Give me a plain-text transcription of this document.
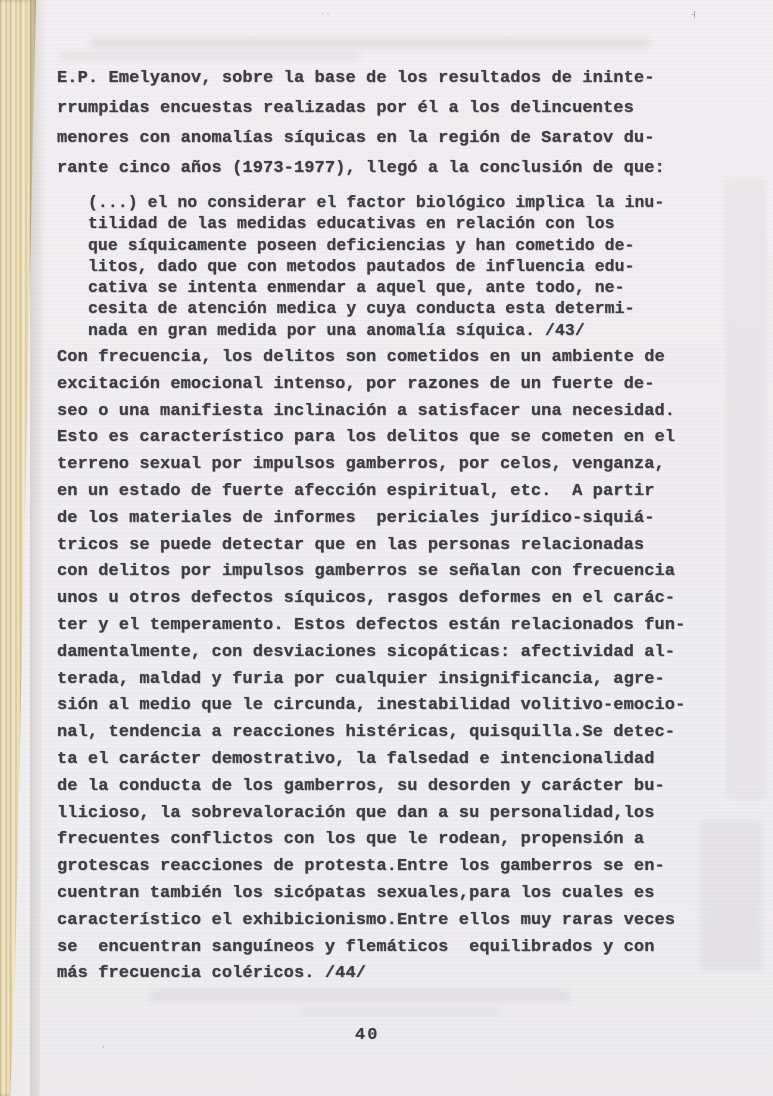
˧
··
·
E.P. Emelyanov, sobre la base de los resultados de ininte-
rrumpidas encuestas realizadas por él a los delincuentes
menores con anomalías síquicas en la región de Saratov du-
rante cinco años (1973-1977), llegó a la conclusión de que:
(...) el no considerar el factor biológico implica la inu-
tilidad de las medidas educativas en relación con los
que síquicamente poseen deficiencias y han cometido de-
litos, dado que con metodos pautados de influencia edu-
cativa se intenta enmendar a aquel que, ante todo, ne-
cesita de atención medica y cuya conducta esta determi-
nada en gran medida por una anomalía síquica. /43/
Con frecuencia, los delitos son cometidos en un ambiente de
excitación emocional intenso, por razones de un fuerte de-
seo o una manifiesta inclinación a satisfacer una necesidad.
Esto es característico para los delitos que se cometen en el
terreno sexual por impulsos gamberros, por celos, venganza,
en un estado de fuerte afección espiritual, etc.  A partir
de los materiales de informes  periciales jurídico-siquiá-
tricos se puede detectar que en las personas relacionadas
con delitos por impulsos gamberros se señalan con frecuencia
unos u otros defectos síquicos, rasgos deformes en el carác-
ter y el temperamento. Estos defectos están relacionados fun-
damentalmente, con desviaciones sicopáticas: afectividad al-
terada, maldad y furia por cualquier insignificancia, agre-
sión al medio que le circunda, inestabilidad volitivo-emocio-
nal, tendencia a reacciones histéricas, quisquilla.Se detec-
ta el carácter demostrativo, la falsedad e intencionalidad
de la conducta de los gamberros, su desorden y carácter bu-
llicioso, la sobrevaloración que dan a su personalidad,los
frecuentes conflictos con los que le rodean, propensión a
grotescas reacciones de protesta.Entre los gamberros se en-
cuentran también los sicópatas sexuales,para los cuales es
característico el exhibicionismo.Entre ellos muy raras veces
se  encuentran sanguíneos y flemáticos  equilibrados y con
más frecuencia coléricos. /44/
40
